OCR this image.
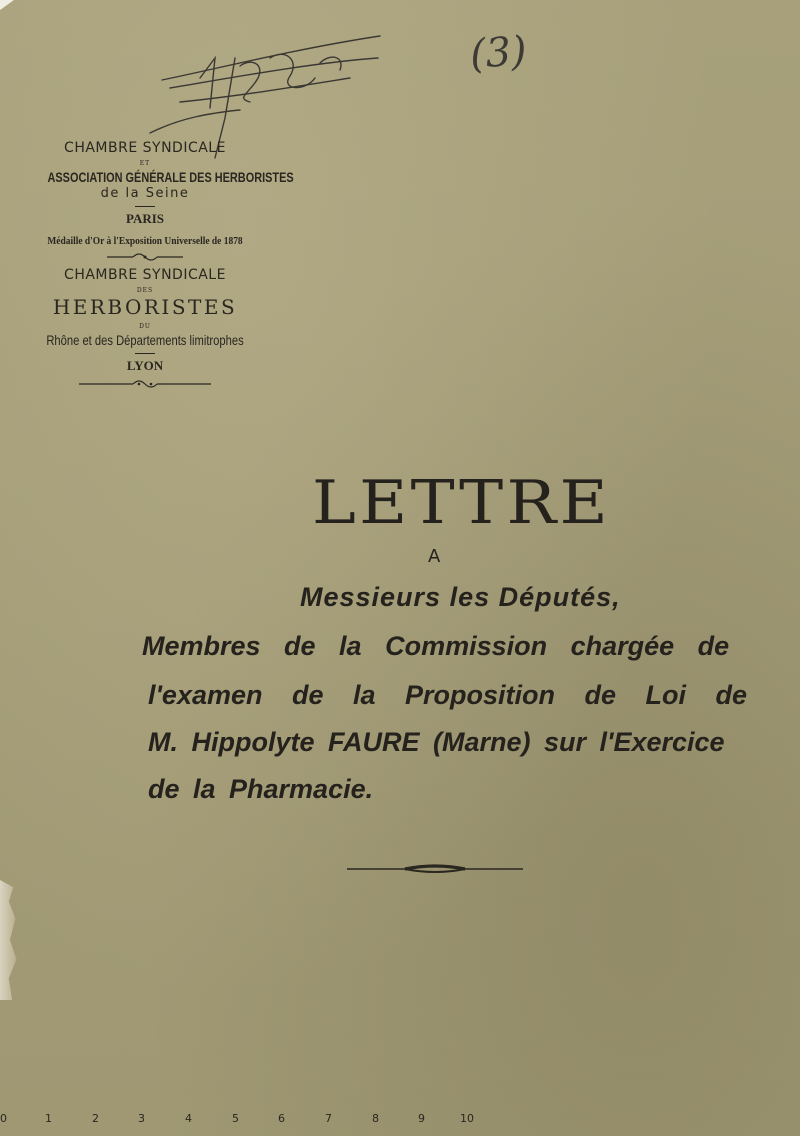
(3)
CHAMBRE SYNDICALE
ET
ASSOCIATION GÉNÉRALE DES HERBORISTES
de la Seine
PARIS
Médaille d'Or à l'Exposition Universelle de 1878
CHAMBRE SYNDICALE
DES
HERBORISTES
DU
Rhône et des Départements limitrophes
LYON
LETTRE
A
Messieurs les Députés,
Membres de la Commission chargée de
l'examen de la Proposition de Loi de
M. Hippolyte FAURE (Marne) sur l'Exercice
de la Pharmacie.
0	1	2	3	4	5	6	7	8	9	10
